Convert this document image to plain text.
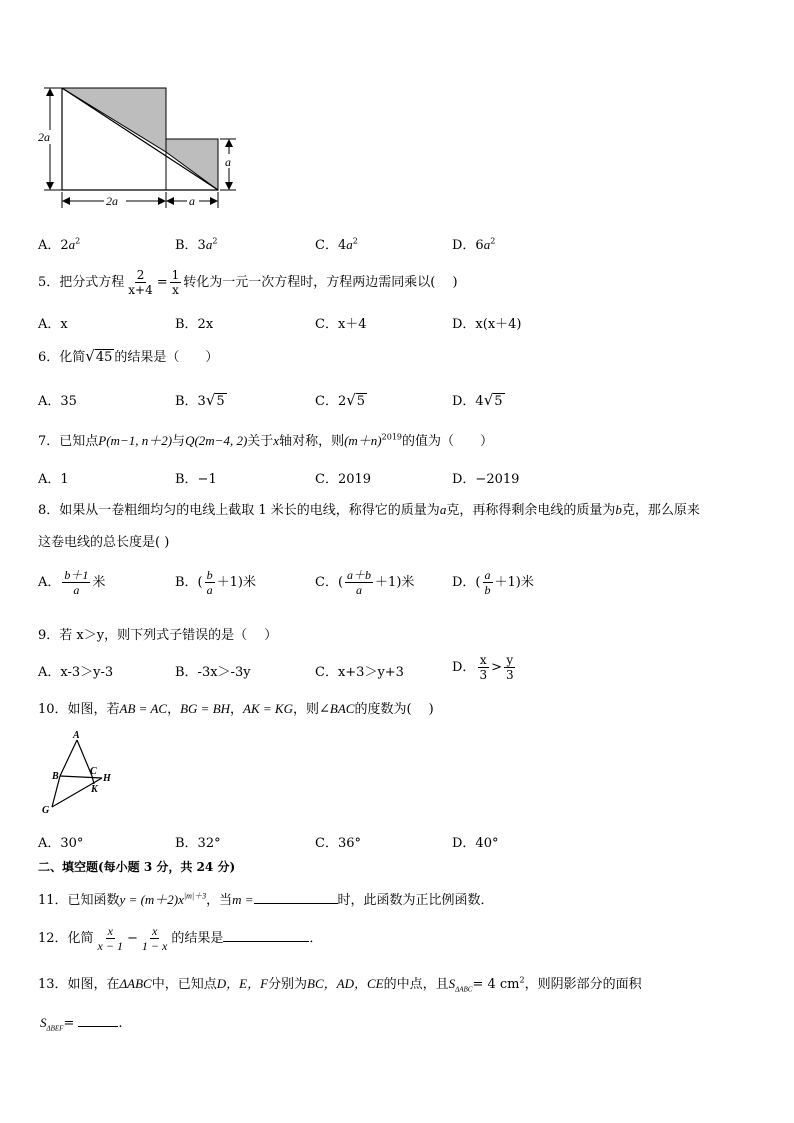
2a
2a
a
a
A．$2a^2$	B．$3a^2$	C．$4a^2$	D．$6a^2$
5．把分式方程 $\frac{2}{x+4} = \frac{1}{x}$ 转化为一元一次方程时，方程两边需同乘以(　 )
A．x	B．2x	C．x＋4	D．x(x＋4)
6．化简√45 的结果是（　　）
A．35	B．3√5	C．2√5	D．4√5
7．已知点P(m−1, n＋2)与Q(2m−4, 2)关于x轴对称，则$(m+n)^{2019}$的值为（　　）
A．1	B．−1	C．2019	D．−2019
8．如果从一卷粗细均匀的电线上截取 1 米长的电线，称得它的质量为a克，再称得剩余电线的质量为b克，那么原来
这卷电线的总长度是( )
A． $\frac{b+1}{a}$ 米	B．( $\frac{b}{a} +1$)米	C．( $\frac{a+b}{a} +1$)米	D．( $\frac{a}{b} +1$)米
9．若 x＞y，则下列式子错误的是（　 ）
A．x-3＞y-3	B．-3x＞-3y	C．x+3＞y+3	D． $\frac{x}{3} > \frac{y}{3}$
10．如图，若AB = AC，BG = BH，AK = KG，则∠BAC的度数为(　 )
A
B	C
H
K
G
A．30°	B．32°	C．36°	D．40°
二、填空题(每小题 3 分，共 24 分)
11．已知函数$y = (m+2)x^{|m|+3}$，当m =	时，此函数为正比例函数．
12．化简 $\frac{x}{x - 1} - \frac{x}{1 - x}$ 的结果是	．
13．如图，在ΔABC中，已知点D，E，F分别为BC，AD，CE的中点，且$S_{\Delta ABC}= 4$ $cm^2$，则阴影部分的面积
$S_{\Delta BEF}=$	.
